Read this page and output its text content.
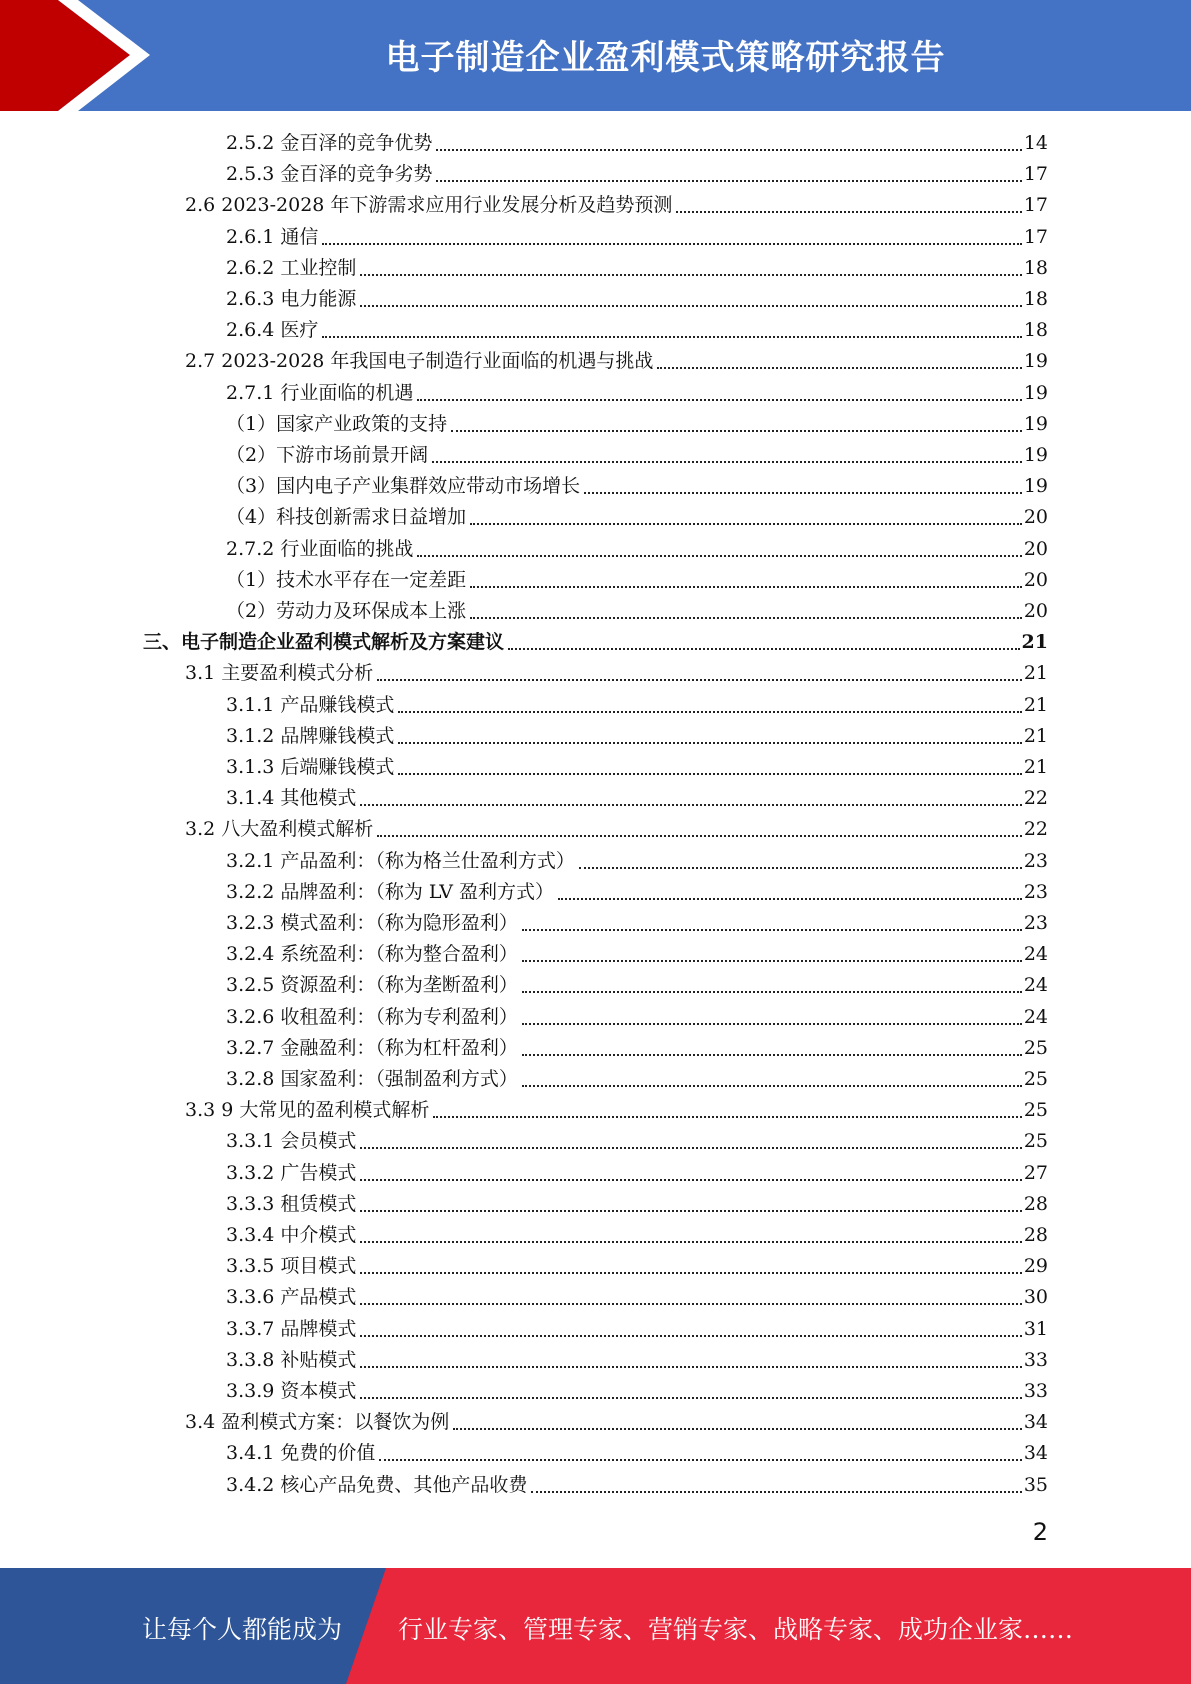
电子制造企业盈利模式策略研究报告
2.5.2 金百泽的竞争优势	14
2.5.3 金百泽的竞争劣势	17
2.6 2023-2028 年下游需求应用行业发展分析及趋势预测	17
2.6.1 通信	17
2.6.2 工业控制	18
2.6.3 电力能源	18
2.6.4 医疗	18
2.7 2023-2028 年我国电子制造行业面临的机遇与挑战	19
2.7.1 行业面临的机遇	19
（1）国家产业政策的支持	19
（2）下游市场前景开阔	19
（3）国内电子产业集群效应带动市场增长	19
（4）科技创新需求日益增加	20
2.7.2 行业面临的挑战	20
（1）技术水平存在一定差距	20
（2）劳动力及环保成本上涨	20
三、电子制造企业盈利模式解析及方案建议	21
3.1 主要盈利模式分析	21
3.1.1 产品赚钱模式	21
3.1.2 品牌赚钱模式	21
3.1.3 后端赚钱模式	21
3.1.4 其他模式	22
3.2 八大盈利模式解析	22
3.2.1 产品盈利：（称为格兰仕盈利方式）	23
3.2.2 品牌盈利：（称为 LV 盈利方式）	23
3.2.3 模式盈利：（称为隐形盈利）	23
3.2.4 系统盈利：（称为整合盈利）	24
3.2.5 资源盈利：（称为垄断盈利）	24
3.2.6 收租盈利：（称为专利盈利）	24
3.2.7 金融盈利：（称为杠杆盈利）	25
3.2.8 国家盈利：（强制盈利方式）	25
3.3 9 大常见的盈利模式解析	25
3.3.1 会员模式	25
3.3.2 广告模式	27
3.3.3 租赁模式	28
3.3.4 中介模式	28
3.3.5 项目模式	29
3.3.6 产品模式	30
3.3.7 品牌模式	31
3.3.8 补贴模式	33
3.3.9 资本模式	33
3.4 盈利模式方案：以餐饮为例	34
3.4.1 免费的价值	34
3.4.2 核心产品免费、其他产品收费	35
2
让每个人都能成为 行业专家、管理专家、营销专家、战略专家、成功企业家……
